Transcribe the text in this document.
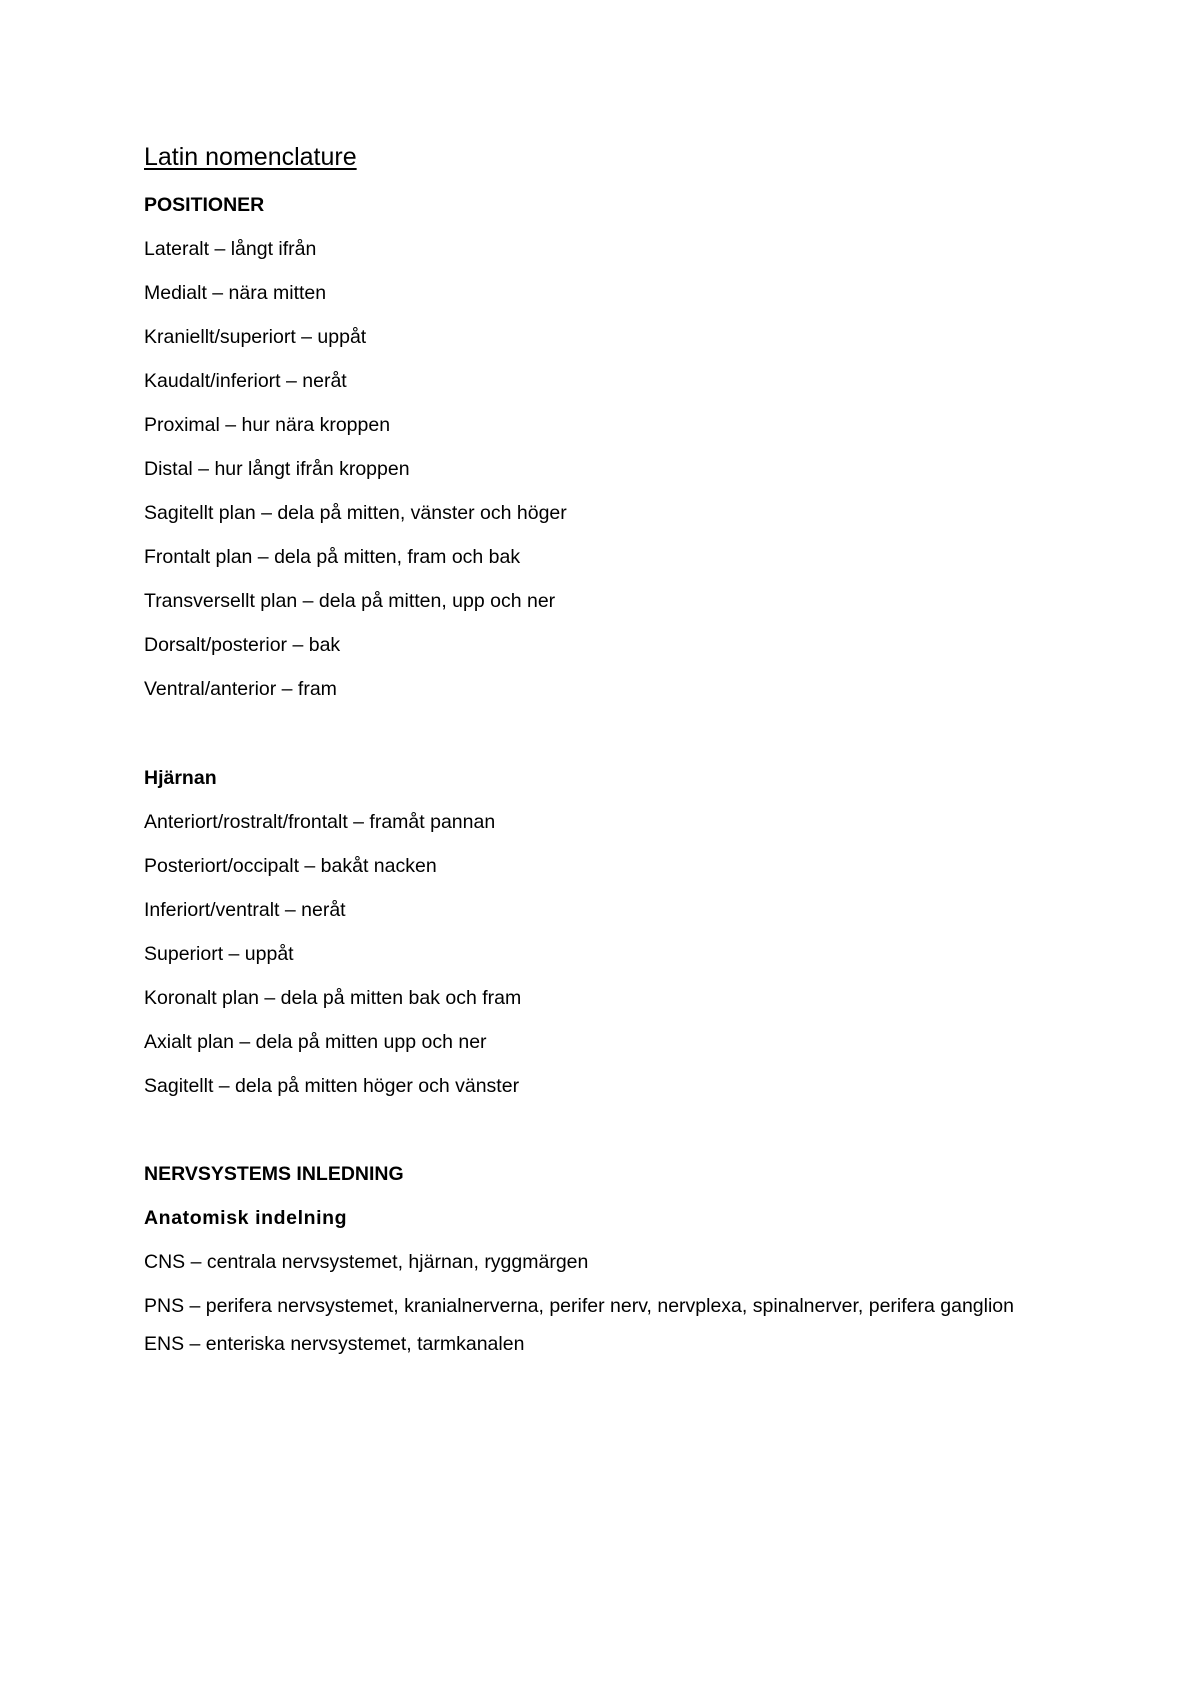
Latin nomenclature
POSITIONER
Lateralt – långt ifrån
Medialt – nära mitten
Kraniellt/superiort – uppåt
Kaudalt/inferiort – neråt
Proximal – hur nära kroppen
Distal – hur långt ifrån kroppen
Sagitellt plan – dela på mitten, vänster och höger
Frontalt plan – dela på mitten, fram och bak
Transversellt plan – dela på mitten, upp och ner
Dorsalt/posterior – bak
Ventral/anterior – fram
Hjärnan
Anteriort/rostralt/frontalt – framåt pannan
Posteriort/occipalt – bakåt nacken
Inferiort/ventralt – neråt
Superiort – uppåt
Koronalt plan – dela på mitten bak och fram
Axialt plan – dela på mitten upp och ner
Sagitellt – dela på mitten höger och vänster
NERVSYSTEMS INLEDNING
Anatomisk indelning
CNS – centrala nervsystemet, hjärnan, ryggmärgen
PNS – perifera nervsystemet, kranialnerverna, perifer nerv, nervplexa, spinalnerver, perifera ganglion
ENS – enteriska nervsystemet, tarmkanalen
